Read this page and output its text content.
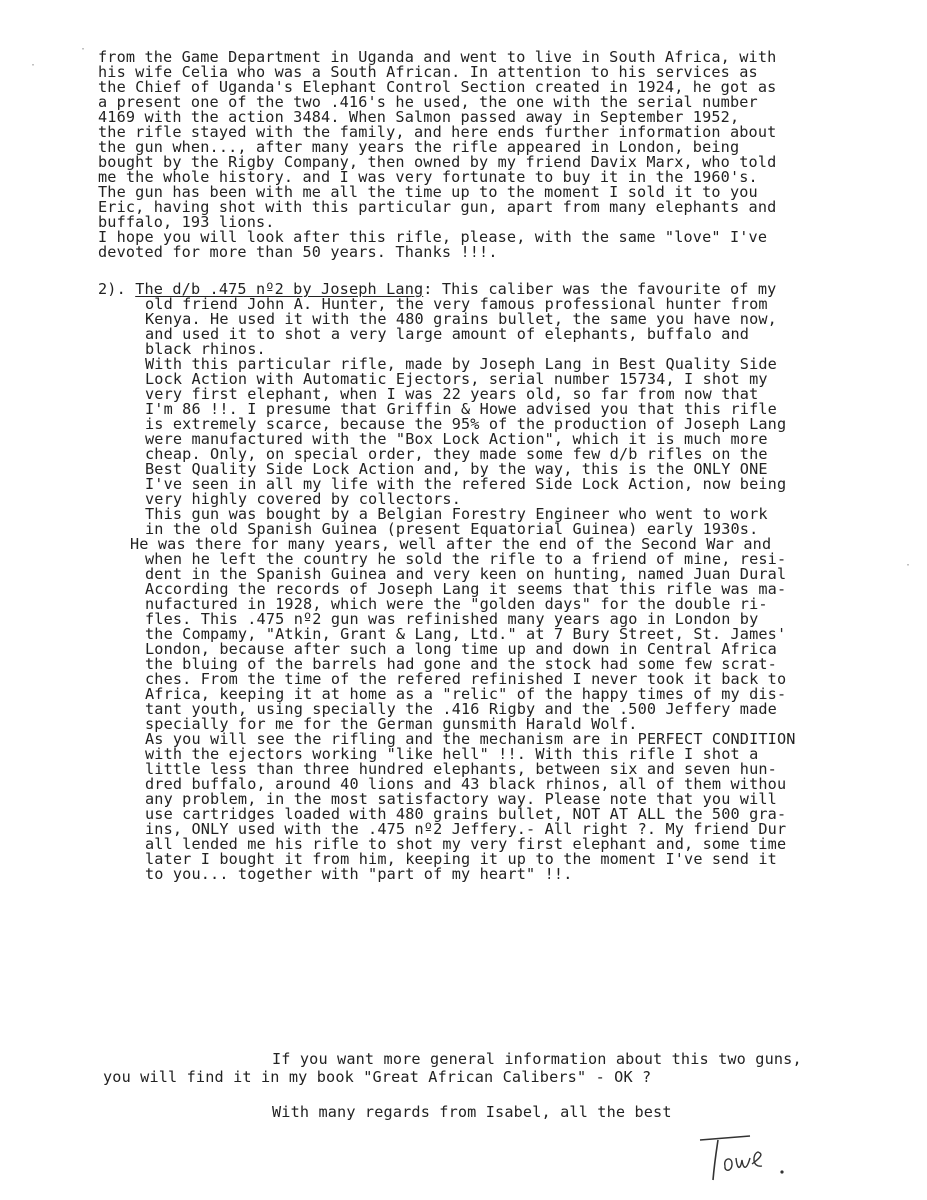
from the Game Department in Uganda and went to live in South Africa, with
his wife Celia who was a South African. In attention to his services as
the Chief of Uganda's Elephant Control Section created in 1924, he got as
a present one of the two .416's he used, the one with the serial number
4169 with the action 3484. When Salmon passed away in September 1952,
the rifle stayed with the family, and here ends further information about
the gun when..., after many years the rifle appeared in London, being
bought by the Rigby Company, then owned by my friend Davix Marx, who told
me the whole history. and I was very fortunate to buy it in the 1960's.
The gun has been with me all the time up to the moment I sold it to you
Eric, having shot with this particular gun, apart from many elephants and
buffalo, 193 lions.
I hope you will look after this rifle, please, with the same "love" I've
devoted for more than 50 years. Thanks !!!.
2). The d/b .475 nº2 by Joseph Lang: This caliber was the favourite of my
old friend John A. Hunter, the very famous professional hunter from
Kenya. He used it with the 480 grains bullet, the same you have now,
and used it to shot a very large amount of elephants, buffalo and
black rhinos.
With this particular rifle, made by Joseph Lang in Best Quality Side
Lock Action with Automatic Ejectors, serial number 15734, I shot my
very first elephant, when I was 22 years old, so far from now that
I'm 86 !!. I presume that Griffin & Howe advised you that this rifle
is extremely scarce, because the 95% of the production of Joseph Lang
were manufactured with the "Box Lock Action", which it is much more
cheap. Only, on special order, they made some few d/b rifles on the
Best Quality Side Lock Action and, by the way, this is the ONLY ONE
I've seen in all my life with the refered Side Lock Action, now being
very highly covered by collectors.
This gun was bought by a Belgian Forestry Engineer who went to work
in the old Spanish Guinea (present Equatorial Guinea) early 1930s.
He was there for many years, well after the end of the Second War and
when he left the country he sold the rifle to a friend of mine, resi-
dent in the Spanish Guinea and very keen on hunting, named Juan Dural
According the records of Joseph Lang it seems that this rifle was ma-
nufactured in 1928, which were the "golden days" for the double ri-
fles. This .475 nº2 gun was refinished many years ago in London by
the Compamy, "Atkin, Grant & Lang, Ltd." at 7 Bury Street, St. James'
London, because after such a long time up and down in Central Africa
the bluing of the barrels had gone and the stock had some few scrat-
ches. From the time of the refered refinished I never took it back to
Africa, keeping it at home as a "relic" of the happy times of my dis-
tant youth, using specially the .416 Rigby and the .500 Jeffery made
specially for me for the German gunsmith Harald Wolf.
As you will see the rifling and the mechanism are in PERFECT CONDITION
with the ejectors working "like hell" !!. With this rifle I shot a
little less than three hundred elephants, between six and seven hun-
dred buffalo, around 40 lions and 43 black rhinos, all of them withou
any problem, in the most satisfactory way. Please note that you will
use cartridges loaded with 480 grains bullet, NOT AT ALL the 500 gra-
ins, ONLY used with the .475 nº2 Jeffery.- All right ?. My friend Dur
all lended me his rifle to shot my very first elephant and, some time
later I bought it from him, keeping it up to the moment I've send it
to you... together with "part of my heart" !!.
If you want more general information about this two guns,
you will find it in my book "Great African Calibers" - OK ?
With many regards from Isabel, all the best
·
·
·
